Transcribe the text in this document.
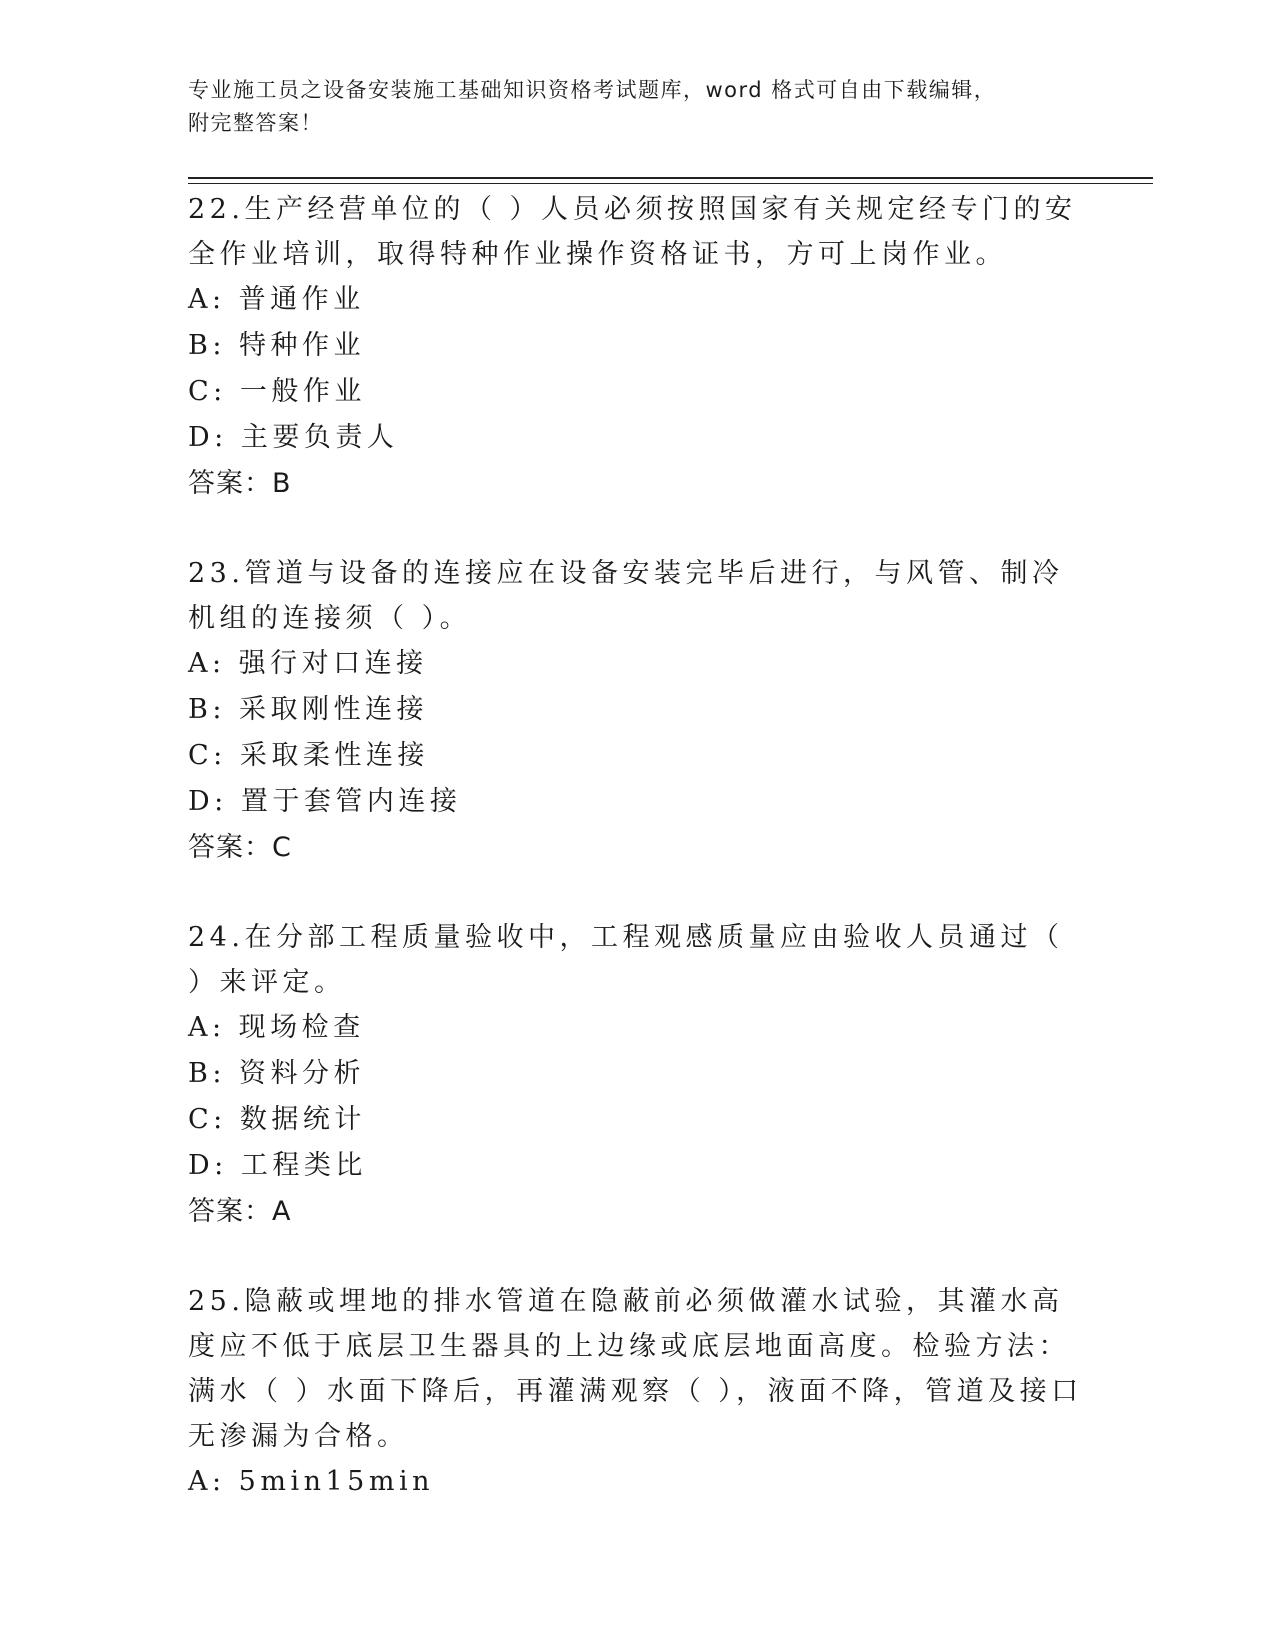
专业施工员之设备安装施工基础知识资格考试题库，word 格式可自由下载编辑，
附完整答案！

22.生产经营单位的（ ）人员必须按照国家有关规定经专门的安全作业培训，取得特种作业操作资格证书，方可上岗作业。

A: 普通作业

B: 特种作业

C: 一般作业

D: 主要负责人

答案：B

23.管道与设备的连接应在设备安装完毕后进行，与风管、制冷机组的连接须（ ）。

A: 强行对口连接

B: 采取刚性连接

C: 采取柔性连接

D: 置于套管内连接

答案：C

24.在分部工程质量验收中，工程观感质量应由验收人员通过（ ）来评定。

A: 现场检查

B: 资料分析

C: 数据统计

D: 工程类比

答案：A

25.隐蔽或埋地的排水管道在隐蔽前必须做灌水试验，其灌水高度应不低于底层卫生器具的上边缘或底层地面高度。检验方法：满水（ ）水面下降后，再灌满观察（ ），液面不降，管道及接口无渗漏为合格。

A: 5min15min
